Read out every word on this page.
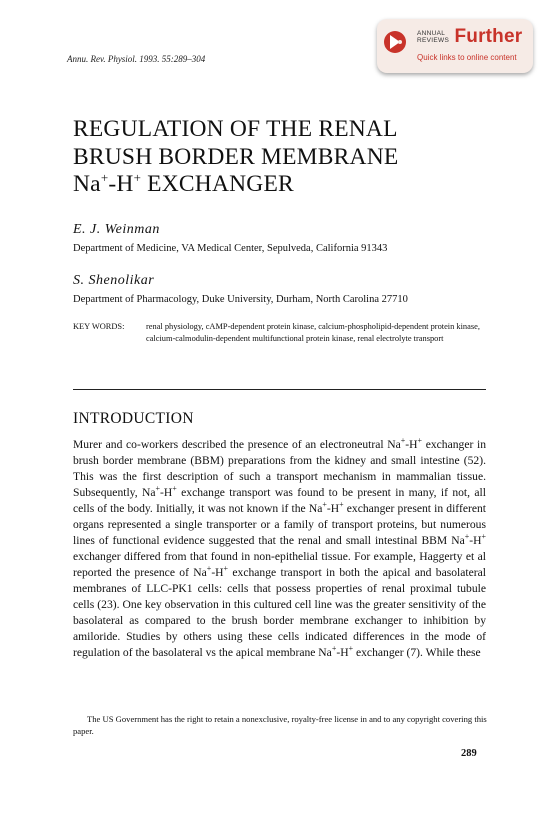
Annu. Rev. Physiol. 1993. 55:289–304
ANNUAL REVIEWS Further
Quick links to online content
REGULATION OF THE RENAL
BRUSH BORDER MEMBRANE
Na+-H+ EXCHANGER
E. J. Weinman
Department of Medicine, VA Medical Center, Sepulveda, California 91343
S. Shenolikar
Department of Pharmacology, Duke University, Durham, North Carolina 27710
KEY WORDS:	renal physiology, cAMP-dependent protein kinase, calcium-phospholipid-dependent protein kinase, calcium-calmodulin-dependent multifunctional protein kinase, renal electrolyte transport
INTRODUCTION

Murer and co-workers described the presence of an electroneutral Na+-H+ exchanger in brush border membrane (BBM) preparations from the kidney and small intestine (52). This was the first description of such a transport mechanism in mammalian tissue. Subsequently, Na+-H+ exchange transport was found to be present in many, if not, all cells of the body. Initially, it was not known if the Na+-H+ exchanger present in different organs represented a single transporter or a family of transport proteins, but numerous lines of functional evidence suggested that the renal and small intestinal BBM Na+-H+ exchanger differed from that found in non-epithelial tissue. For example, Haggerty et al reported the presence of Na+-H+ exchange transport in both the apical and basolateral membranes of LLC-PK1 cells: cells that possess properties of renal proximal tubule cells (23). One key observation in this cultured cell line was the greater sensitivity of the basolateral as compared to the brush border membrane exchanger to inhibition by amiloride. Studies by others using these cells indicated differences in the mode of regulation of the basolateral vs the apical membrane Na+-H+ exchanger (7). While these

The US Government has the right to retain a nonexclusive, royalty-free license in and to any copyright covering this paper.

289
